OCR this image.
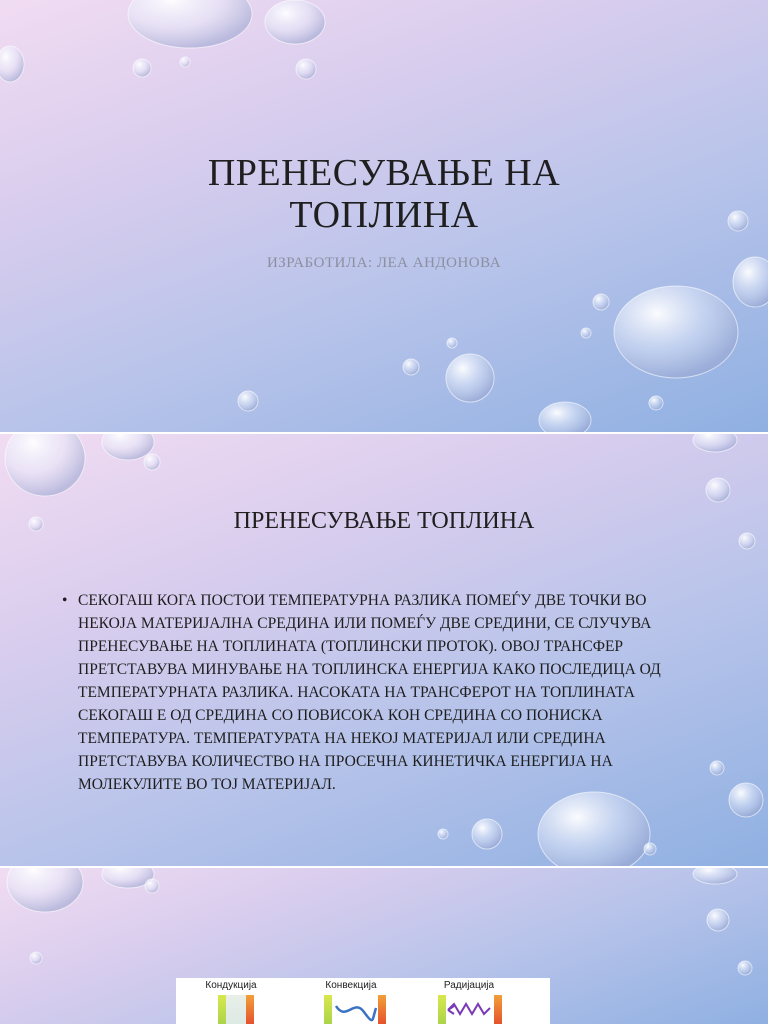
ПРЕНЕСУВАЊЕ НА
ТОПЛИНА
ИЗРАБОТИЛА: ЛЕА АНДОНОВА
ПРЕНЕСУВАЊЕ ТОПЛИНА
• СЕКОГАШ КОГА ПОСТОИ ТЕМПЕРАТУРНА РАЗЛИКА ПОМЕЃУ ДВЕ ТОЧКИ ВО НЕКОЈА МАТЕРИЈАЛНА СРЕДИНА ИЛИ ПОМЕЃУ ДВЕ СРЕДИНИ, СЕ СЛУЧУВА ПРЕНЕСУВАЊЕ НА ТОПЛИНАТА (ТОПЛИНСКИ ПРОТОК). ОВОЈ ТРАНСФЕР ПРЕТСТАВУВА МИНУВАЊЕ НА ТОПЛИНСКА ЕНЕРГИЈА КАКО ПОСЛЕДИЦА ОД ТЕМПЕРАТУРНАТА РАЗЛИКА. НАСОКАТА НА ТРАНСФЕРОТ НА ТОПЛИНАТА СЕКОГАШ Е ОД СРЕДИНА СО ПОВИСОКА КОН СРЕДИНА СО ПОНИСКА ТЕМПЕРАТУРА. ТЕМПЕРАТУРАТА НА НЕКОЈ МАТЕРИЈАЛ ИЛИ СРЕДИНА ПРЕТСТАВУВА КОЛИЧЕСТВО НА ПРОСЕЧНА КИНЕТИЧКА ЕНЕРГИЈА НА МОЛЕКУЛИТЕ ВО ТОЈ МАТЕРИЈАЛ.
Кондукција	Конвекција	Радијација
